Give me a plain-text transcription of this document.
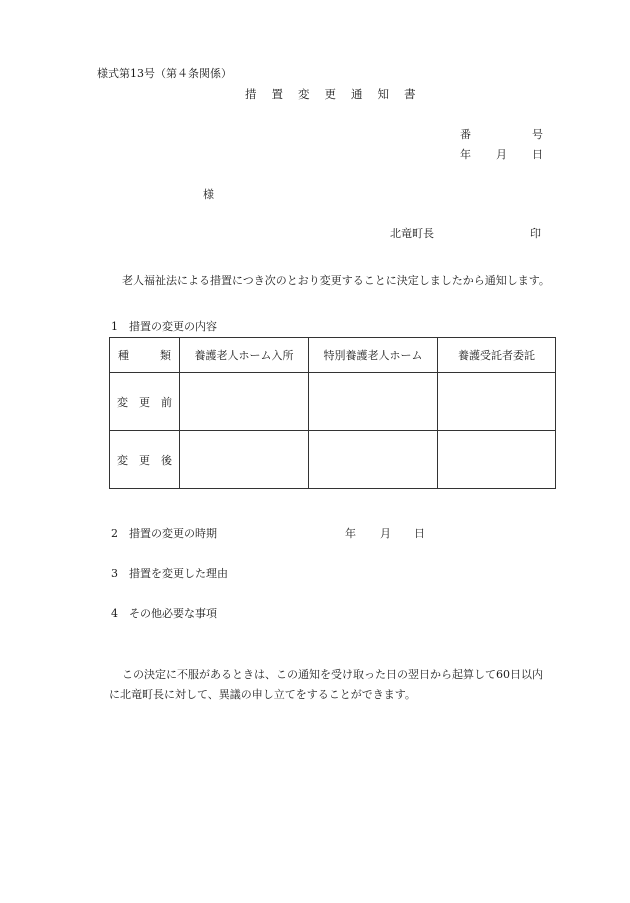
様式第13号（第４条関係）
措 置 変 更 通 知 書
番	号
年 月 日
様
北竜町長	印
老人福祉法による措置につき次のとおり変更することに決定しましたから通知します。
1　措置の変更の内容
種 類	養護老人ホーム入所	特別養護老人ホーム	養護受託者委託

変 更 前			

変 更 後			

2　措置の変更の時期	年 月 日
3　措置を変更した理由
4　その他必要な事項
この決定に不服があるときは、この通知を受け取った日の翌日から起算して60日以内
に北竜町長に対して、異議の申し立てをすることができます。
